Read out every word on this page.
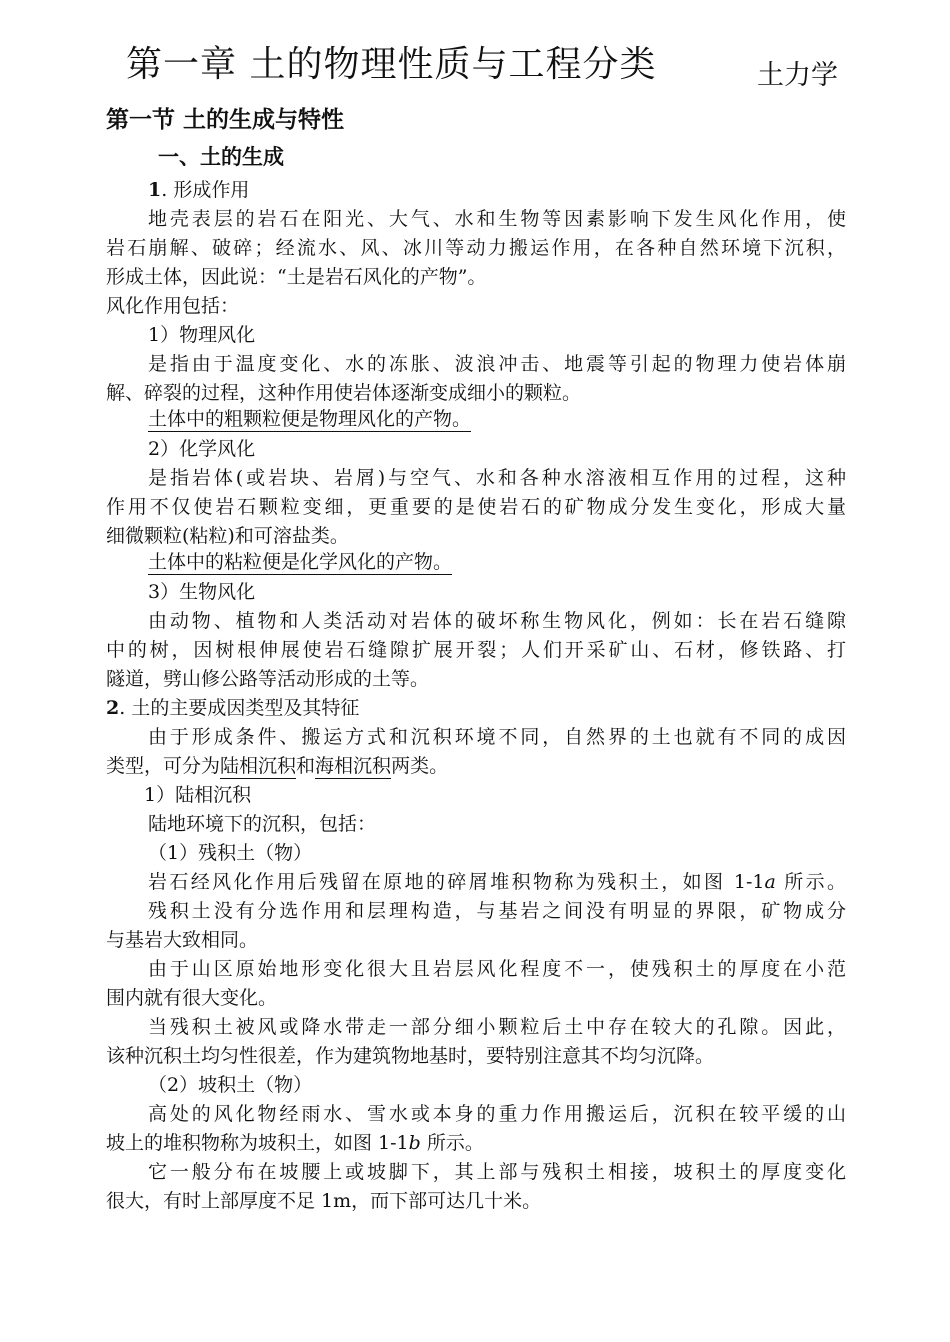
第一章 土的物理性质与工程分类	土力学
第一节 土的生成与特性
一、土的生成
1. 形成作用
地壳表层的岩石在阳光、大气、水和生物等因素影响下发生风化作用，使
岩石崩解、破碎；经流水、风、冰川等动力搬运作用，在各种自然环境下沉积，
形成土体，因此说：“土是岩石风化的产物”。
风化作用包括：
1）物理风化
是指由于温度变化、水的冻胀、波浪冲击、地震等引起的物理力使岩体崩
解、碎裂的过程，这种作用使岩体逐渐变成细小的颗粒。
土体中的粗颗粒便是物理风化的产物。
2）化学风化
是指岩体(或岩块、岩屑)与空气、水和各种水溶液相互作用的过程，这种
作用不仅使岩石颗粒变细，更重要的是使岩石的矿物成分发生变化，形成大量
细微颗粒(粘粒)和可溶盐类。
土体中的粘粒便是化学风化的产物。
3）生物风化
由动物、植物和人类活动对岩体的破坏称生物风化，例如：长在岩石缝隙
中的树，因树根伸展使岩石缝隙扩展开裂；人们开采矿山、石材，修铁路、打
隧道，劈山修公路等活动形成的土等。
2. 土的主要成因类型及其特征
由于形成条件、搬运方式和沉积环境不同，自然界的土也就有不同的成因
类型，可分为陆相沉积和海相沉积两类。
1）陆相沉积
陆地环境下的沉积，包括：
（1）残积土（物）
岩石经风化作用后残留在原地的碎屑堆积物称为残积土，如图 1-1a 所示。
残积土没有分选作用和层理构造，与基岩之间没有明显的界限，矿物成分
与基岩大致相同。
由于山区原始地形变化很大且岩层风化程度不一，使残积土的厚度在小范
围内就有很大变化。
当残积土被风或降水带走一部分细小颗粒后土中存在较大的孔隙。因此，
该种沉积土均匀性很差，作为建筑物地基时，要特别注意其不均匀沉降。
（2）坡积土（物）
高处的风化物经雨水、雪水或本身的重力作用搬运后，沉积在较平缓的山
坡上的堆积物称为坡积土，如图 1-1b 所示。
它一般分布在坡腰上或坡脚下，其上部与残积土相接，坡积土的厚度变化
很大，有时上部厚度不足 1m，而下部可达几十米。
